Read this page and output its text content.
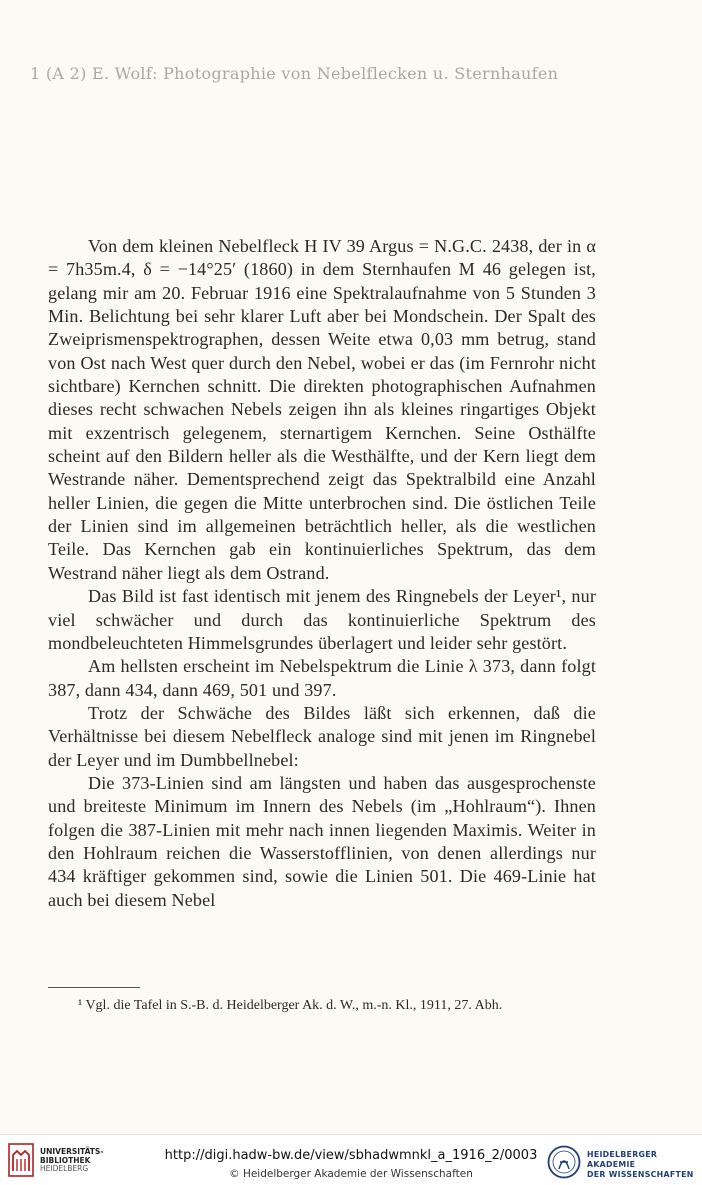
1 (A 2) E. Wolf: Photographie von Nebelflecken u. Sternhaufen

Von dem kleinen Nebelfleck H IV 39 Argus = N.G.C. 2438, der in α = 7h35m.4, δ = −14°25′ (1860) in dem Sternhaufen M 46 gelegen ist, gelang mir am 20. Februar 1916 eine Spektralaufnahme von 5 Stunden 3 Min. Belichtung bei sehr klarer Luft aber bei Mondschein. Der Spalt des Zweiprismenspektrographen, dessen Weite etwa 0,03 mm betrug, stand von Ost nach West quer durch den Nebel, wobei er das (im Fernrohr nicht sichtbare) Kernchen schnitt. Die direkten photographischen Aufnahmen dieses recht schwachen Nebels zeigen ihn als kleines ringartiges Objekt mit exzentrisch gelegenem, sternartigem Kernchen. Seine Osthälfte scheint auf den Bildern heller als die Westhälfte, und der Kern liegt dem Westrande näher. Dementsprechend zeigt das Spektralbild eine Anzahl heller Linien, die gegen die Mitte unterbrochen sind. Die östlichen Teile der Linien sind im allgemeinen beträchtlich heller, als die westlichen Teile. Das Kernchen gab ein kontinuierliches Spektrum, das dem Westrand näher liegt als dem Ostrand.

Das Bild ist fast identisch mit jenem des Ringnebels der Leyer¹, nur viel schwächer und durch das kontinuierliche Spektrum des mondbeleuchteten Himmelsgrundes überlagert und leider sehr gestört.

Am hellsten erscheint im Nebelspektrum die Linie λ 373, dann folgt 387, dann 434, dann 469, 501 und 397.

Trotz der Schwäche des Bildes läßt sich erkennen, daß die Verhältnisse bei diesem Nebelfleck analoge sind mit jenen im Ringnebel der Leyer und im Dumbbellnebel:

Die 373-Linien sind am längsten und haben das ausgesprochenste und breiteste Minimum im Innern des Nebels (im „Hohlraum“). Ihnen folgen die 387-Linien mit mehr nach innen liegenden Maximis. Weiter in den Hohlraum reichen die Wasserstofflinien, von denen allerdings nur 434 kräftiger gekommen sind, sowie die Linien 501. Die 469-Linie hat auch bei diesem Nebel

¹ Vgl. die Tafel in S.-B. d. Heidelberger Ak. d. W., m.-n. Kl., 1911, 27. Abh.
UNIVERSITÄTS-
BIBLIOTHEK
HEIDELBERG
http://digi.hadw-bw.de/view/sbhadwmnkl_a_1916_2/0003
© Heidelberger Akademie der Wissenschaften
HEIDELBERGER AKADEMIE
DER WISSENSCHAFTEN
